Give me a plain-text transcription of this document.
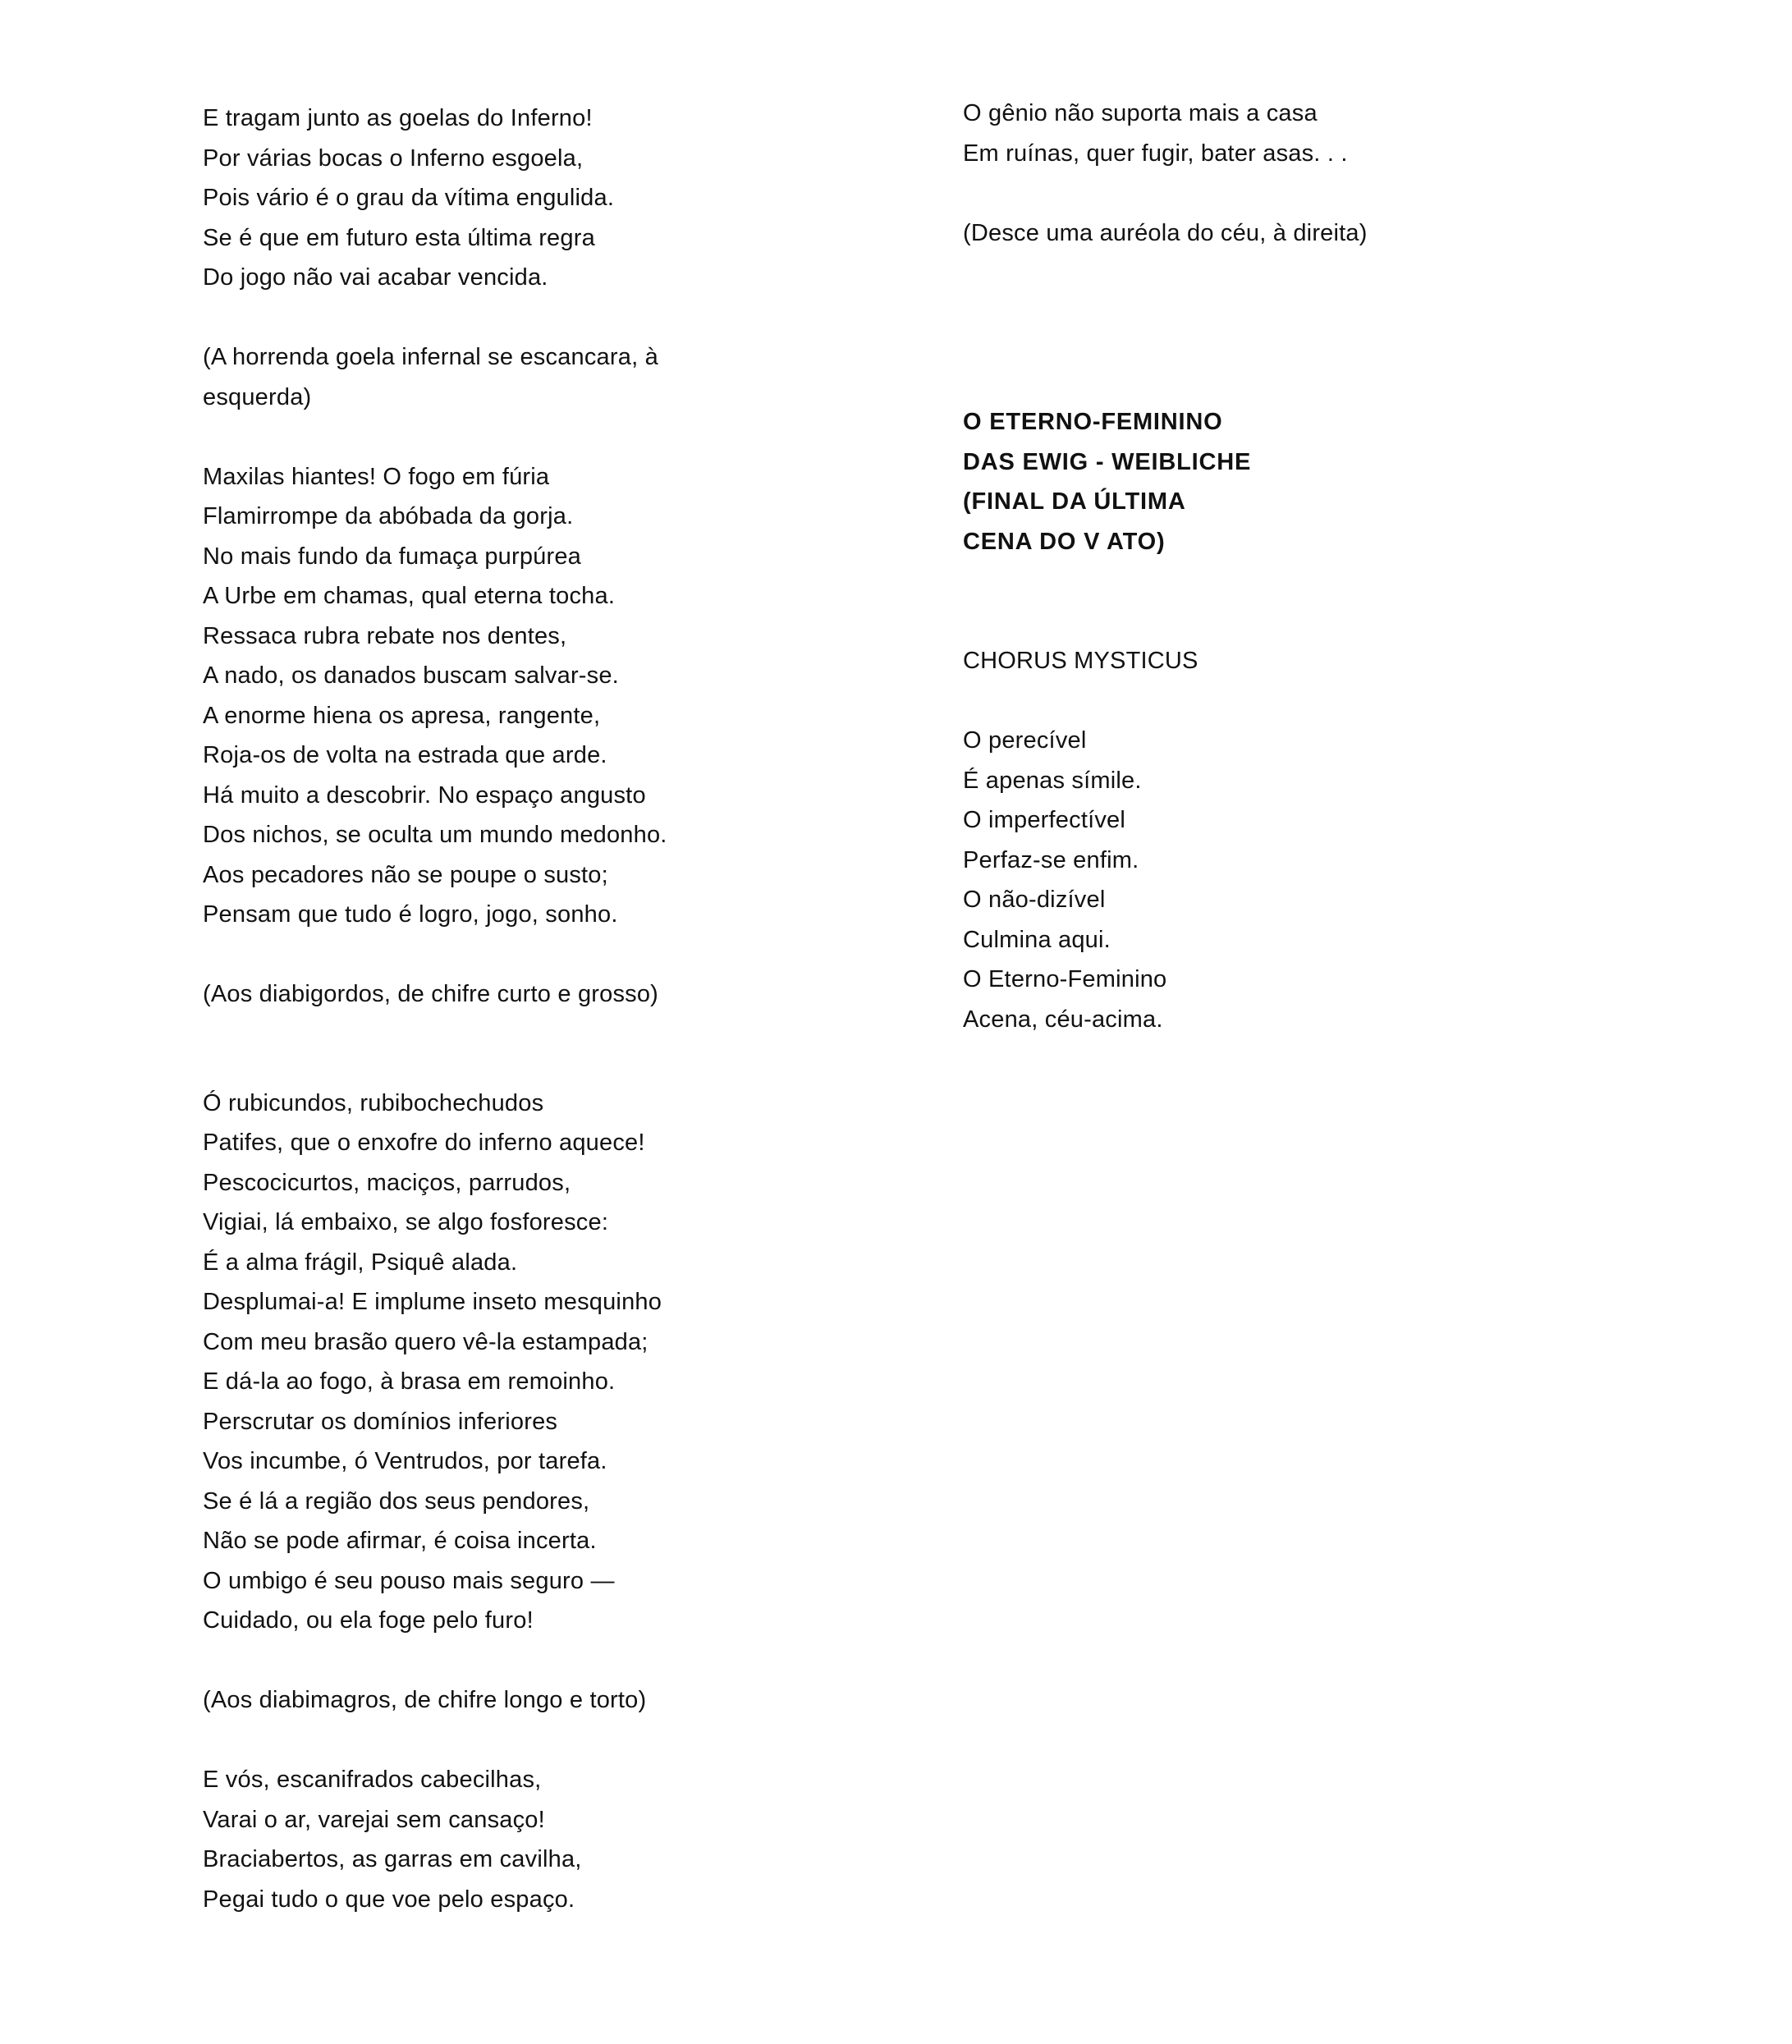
E tragam junto as goelas do Inferno!
Por várias bocas o Inferno esgoela,
Pois vário é o grau da vítima engulida.
Se é que em futuro esta última regra
Do jogo não vai acabar vencida.
(A horrenda goela infernal se escancara, à
esquerda)
Maxilas hiantes! O fogo em fúria
Flamirrompe da abóbada da gorja.
No mais fundo da fumaça purpúrea
A Urbe em chamas, qual eterna tocha.
Ressaca rubra rebate nos dentes,
A nado, os danados buscam salvar-se.
A enorme hiena os apresa, rangente,
Roja-os de volta na estrada que arde.
Há muito a descobrir. No espaço angusto
Dos nichos, se oculta um mundo medonho.
Aos pecadores não se poupe o susto;
Pensam que tudo é logro, jogo, sonho.
(Aos diabigordos, de chifre curto e grosso)
Ó rubicundos, rubibochechudos
Patifes, que o enxofre do inferno aquece!
Pescocicurtos, maciços, parrudos,
Vigiai, lá embaixo, se algo fosforesce:
É a alma frágil, Psiquê alada.
Desplumai-a! E implume inseto mesquinho
Com meu brasão quero vê-la estampada;
E dá-la ao fogo, à brasa em remoinho.
Perscrutar os domínios inferiores
Vos incumbe, ó Ventrudos, por tarefa.
Se é lá a região dos seus pendores,
Não se pode afirmar, é coisa incerta.
O umbigo é seu pouso mais seguro —
Cuidado, ou ela foge pelo furo!
(Aos diabimagros, de chifre longo e torto)
E vós, escanifrados cabecilhas,
Varai o ar, varejai sem cansaço!
Braciabertos, as garras em cavilha,
Pegai tudo o que voe pelo espaço.
O gênio não suporta mais a casa
Em ruínas, quer fugir, bater asas. . .
(Desce uma auréola do céu, à direita)
O ETERNO-FEMININO
DAS EWIG - WEIBLICHE
(FINAL DA ÚLTIMA
CENA DO V ATO)
CHORUS MYSTICUS
O perecível
É apenas símile.
O imperfectível
Perfaz-se enfim.
O não-dizível
Culmina aqui.
O Eterno-Feminino
Acena, céu-acima.
